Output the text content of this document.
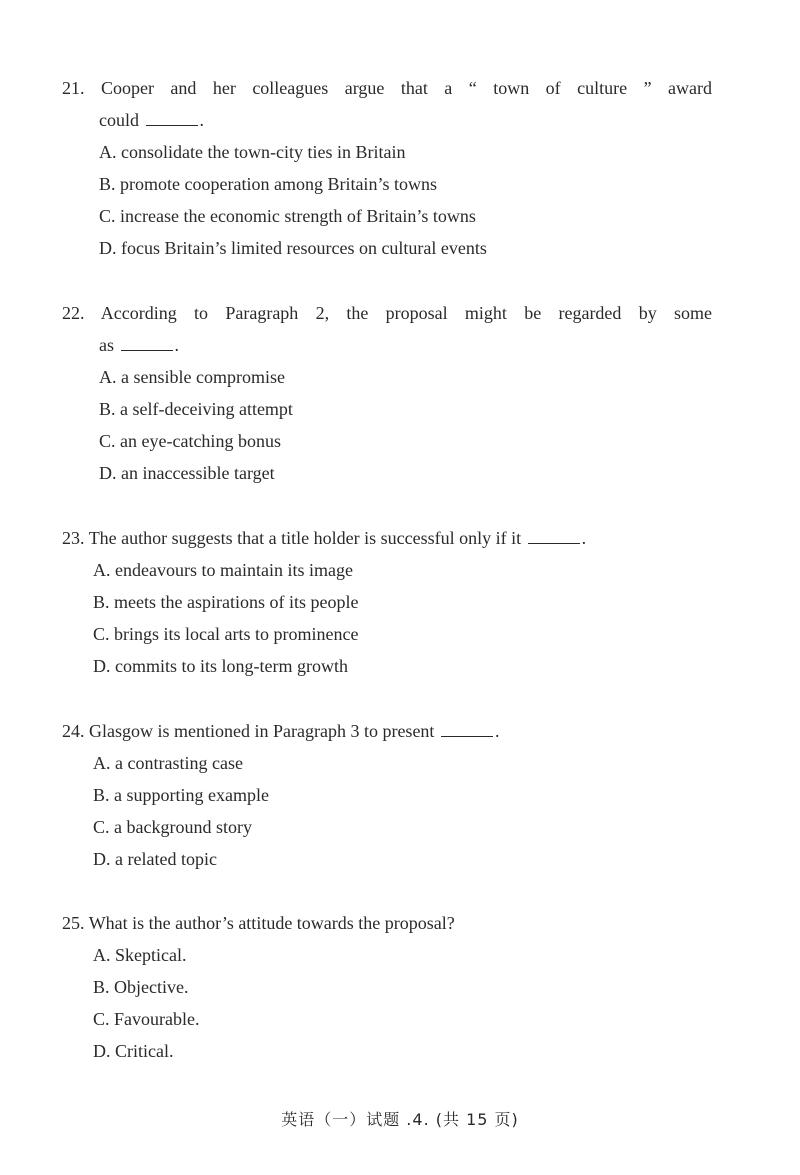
21. Cooper and her colleagues argue that a “ town of culture ” award
could	.

A. consolidate the town-city ties in Britain
B. promote cooperation among Britain’s towns
C. increase the economic strength of Britain’s towns
D. focus Britain’s limited resources on cultural events

22. According to Paragraph 2, the proposal might be regarded by some
as	.

A. a sensible compromise
B. a self-deceiving attempt
C. an eye-catching bonus
D. an inaccessible target

23. The author suggests that a title holder is successful only if it	.

A. endeavours to maintain its image
B. meets the aspirations of its people
C. brings its local arts to prominence
D. commits to its long-term growth

24. Glasgow is mentioned in Paragraph 3 to present	.

A. a contrasting case
B. a supporting example
C. a background story
D. a related topic

25. What is the author’s attitude towards the proposal?

A. Skeptical.
B. Objective.
C. Favourable.
D. Critical.
英语（一）试题 .4. (共 15 页)
